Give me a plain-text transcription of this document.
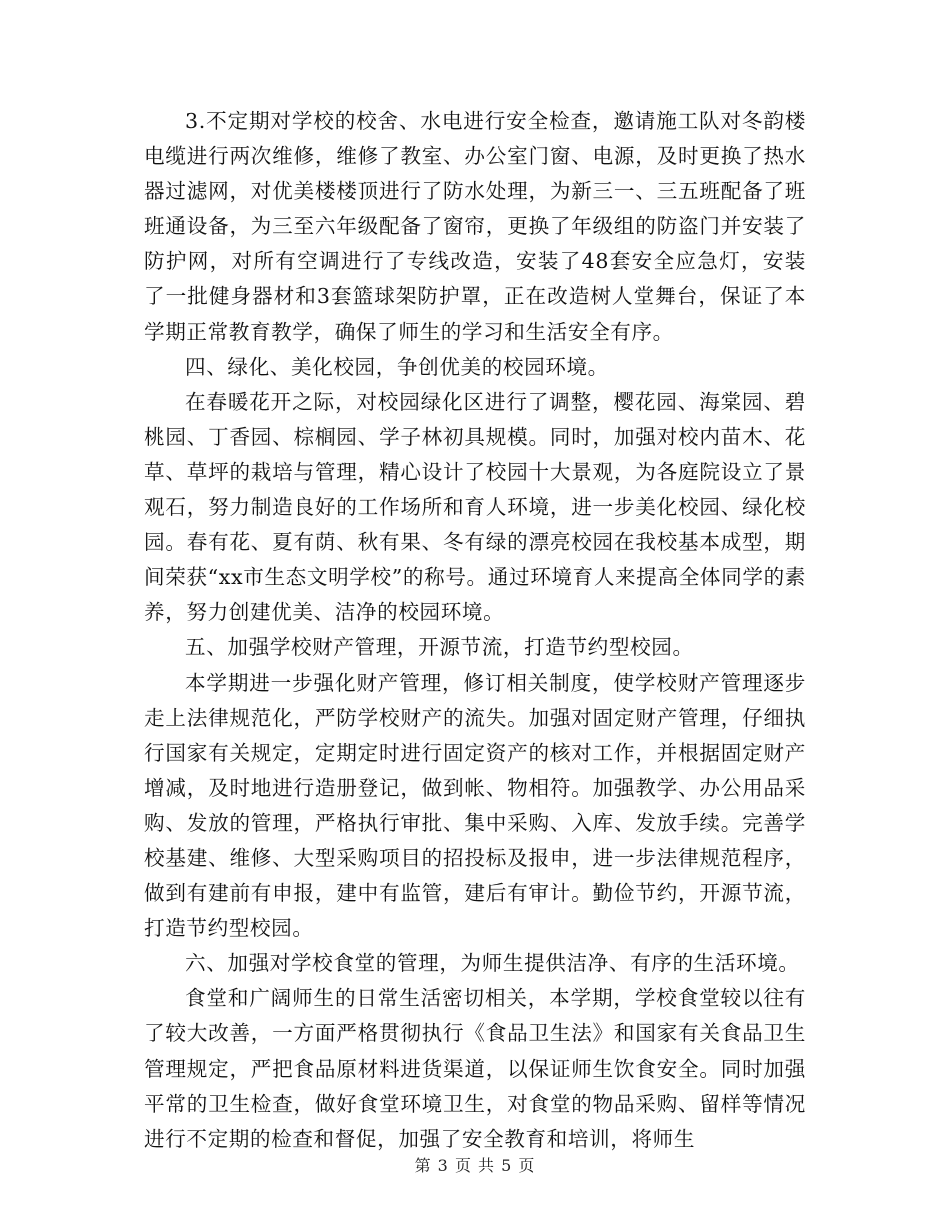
3.不定期对学校的校舍、水电进行安全检查，邀请施工队对冬韵楼电缆进行两次维修，维修了教室、办公室门窗、电源，及时更换了热水器过滤网，对优美楼楼顶进行了防水处理，为新三一、三五班配备了班班通设备，为三至六年级配备了窗帘，更换了年级组的防盗门并安装了防护网，对所有空调进行了专线改造，安装了48套安全应急灯，安装了一批健身器材和3套篮球架防护罩，正在改造树人堂舞台，保证了本学期正常教育教学，确保了师生的学习和生活安全有序。

四、绿化、美化校园，争创优美的校园环境。

在春暖花开之际，对校园绿化区进行了调整，樱花园、海棠园、碧桃园、丁香园、棕榈园、学子林初具规模。同时，加强对校内苗木、花草、草坪的栽培与管理，精心设计了校园十大景观，为各庭院设立了景观石，努力制造良好的工作场所和育人环境，进一步美化校园、绿化校园。春有花、夏有荫、秋有果、冬有绿的漂亮校园在我校基本成型，期间荣获“xx市生态文明学校”的称号。通过环境育人来提高全体同学的素养，努力创建优美、洁净的校园环境。

五、加强学校财产管理，开源节流，打造节约型校园。

本学期进一步强化财产管理，修订相关制度，使学校财产管理逐步走上法律规范化，严防学校财产的流失。加强对固定财产管理，仔细执行国家有关规定，定期定时进行固定资产的核对工作，并根据固定财产增减，及时地进行造册登记，做到帐、物相符。加强教学、办公用品采购、发放的管理，严格执行审批、集中采购、入库、发放手续。完善学校基建、维修、大型采购项目的招投标及报申，进一步法律规范程序，做到有建前有申报，建中有监管，建后有审计。勤俭节约，开源节流，打造节约型校园。

六、加强对学校食堂的管理，为师生提供洁净、有序的生活环境。

食堂和广阔师生的日常生活密切相关，本学期，学校食堂较以往有了较大改善，一方面严格贯彻执行《食品卫生法》和国家有关食品卫生管理规定，严把食品原材料进货渠道，以保证师生饮食安全。同时加强平常的卫生检查，做好食堂环境卫生，对食堂的物品采购、留样等情况进行不定期的检查和督促，加强了安全教育和培训，将师生

第 3 页 共 5 页
